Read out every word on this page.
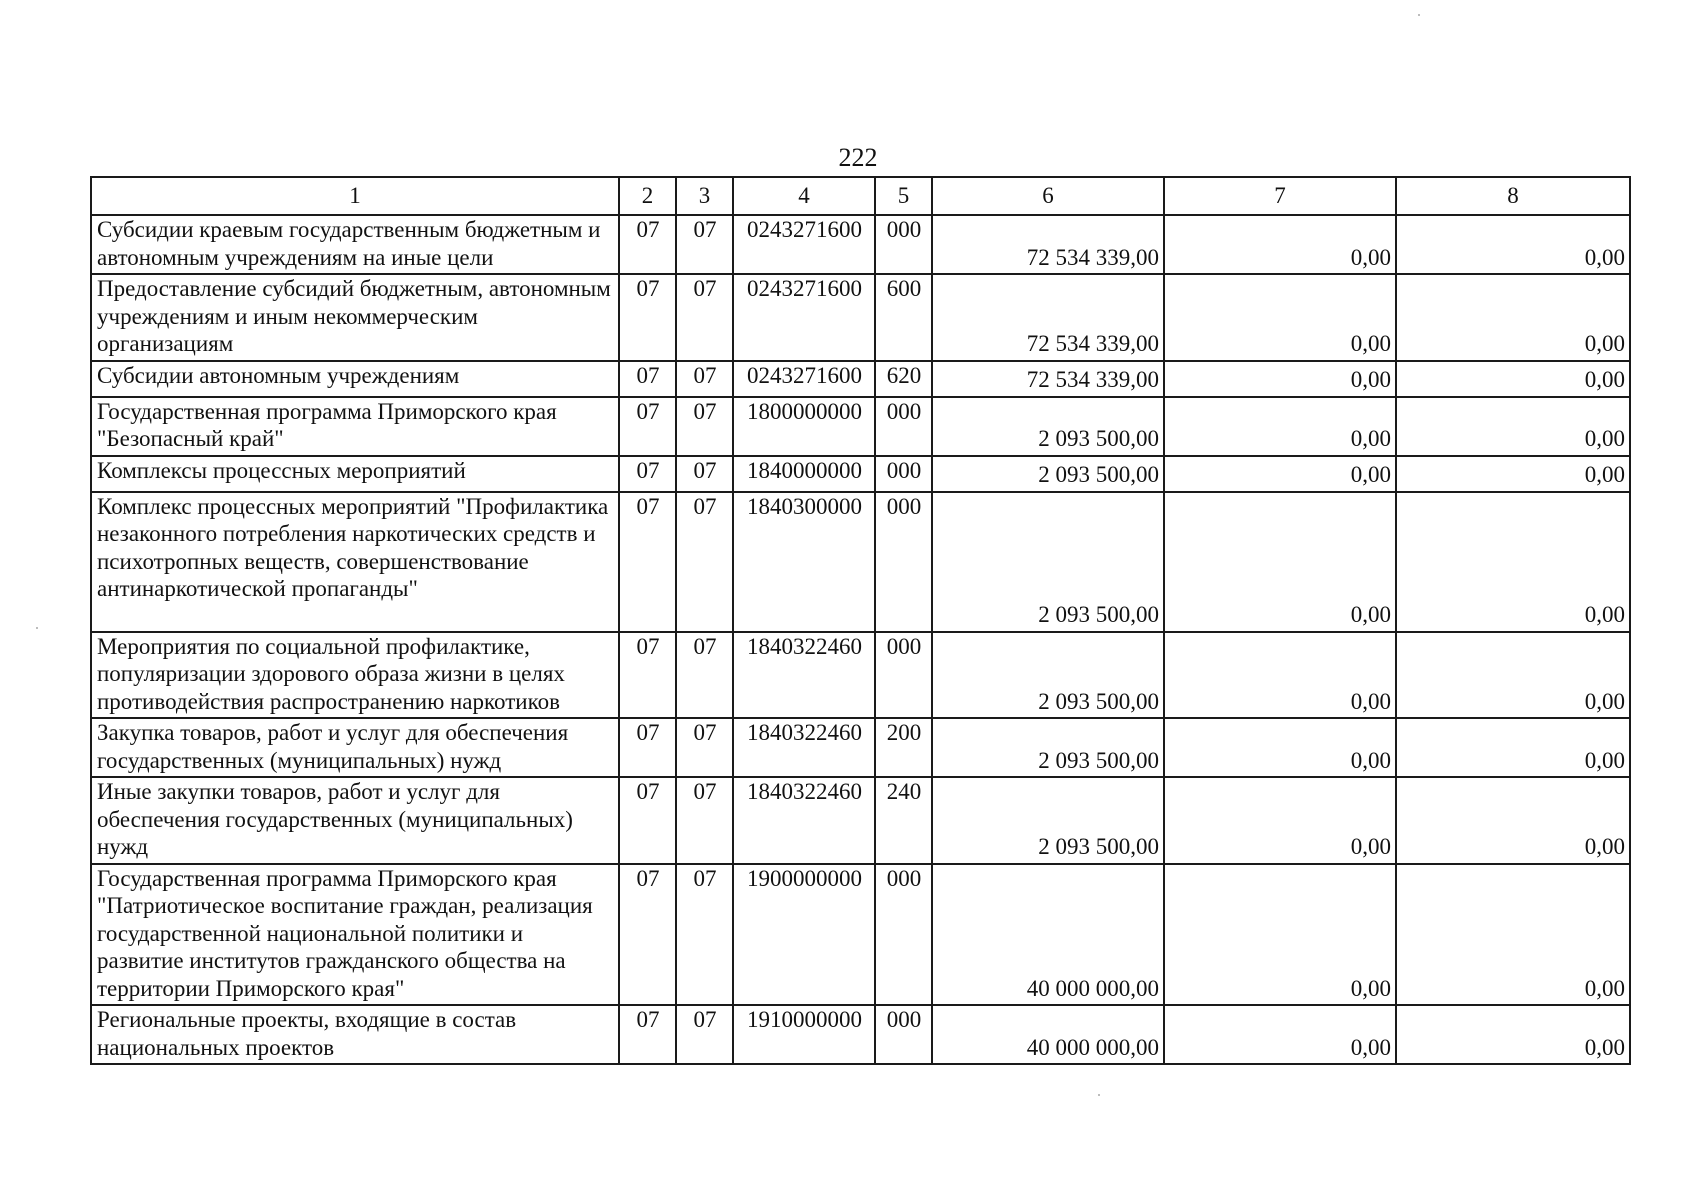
222
1	2	3	4	5	6	7	8
Субсидии краевым государственным бюджетным и автономным учреждениям на иные цели	07	07	0243271600	000	72 534 339,00	0,00	0,00
Предоставление субсидий бюджетным, автономным учреждениям и иным некоммерческим организациям	07	07	0243271600	600	72 534 339,00	0,00	0,00
Субсидии автономным учреждениям	07	07	0243271600	620	72 534 339,00	0,00	0,00
Государственная программа Приморского края "Безопасный край"	07	07	1800000000	000	2 093 500,00	0,00	0,00
Комплексы процессных мероприятий	07	07	1840000000	000	2 093 500,00	0,00	0,00
Комплекс процессных мероприятий "Профилактика незаконного потребления наркотических средств и психотропных веществ, совершенствование антинаркотической пропаганды"	07	07	1840300000	000	2 093 500,00	0,00	0,00
Мероприятия по социальной профилактике, популяризации здорового образа жизни в целях противодействия распространению наркотиков	07	07	1840322460	000	2 093 500,00	0,00	0,00
Закупка товаров, работ и услуг для обеспечения государственных (муниципальных) нужд	07	07	1840322460	200	2 093 500,00	0,00	0,00
Иные закупки товаров, работ и услуг для обеспечения государственных (муниципальных) нужд	07	07	1840322460	240	2 093 500,00	0,00	0,00
Государственная программа Приморского края "Патриотическое воспитание граждан, реализация государственной национальной политики и развитие институтов гражданского общества на территории Приморского края"	07	07	1900000000	000	40 000 000,00	0,00	0,00
Региональные проекты, входящие в состав национальных проектов	07	07	1910000000	000	40 000 000,00	0,00	0,00
